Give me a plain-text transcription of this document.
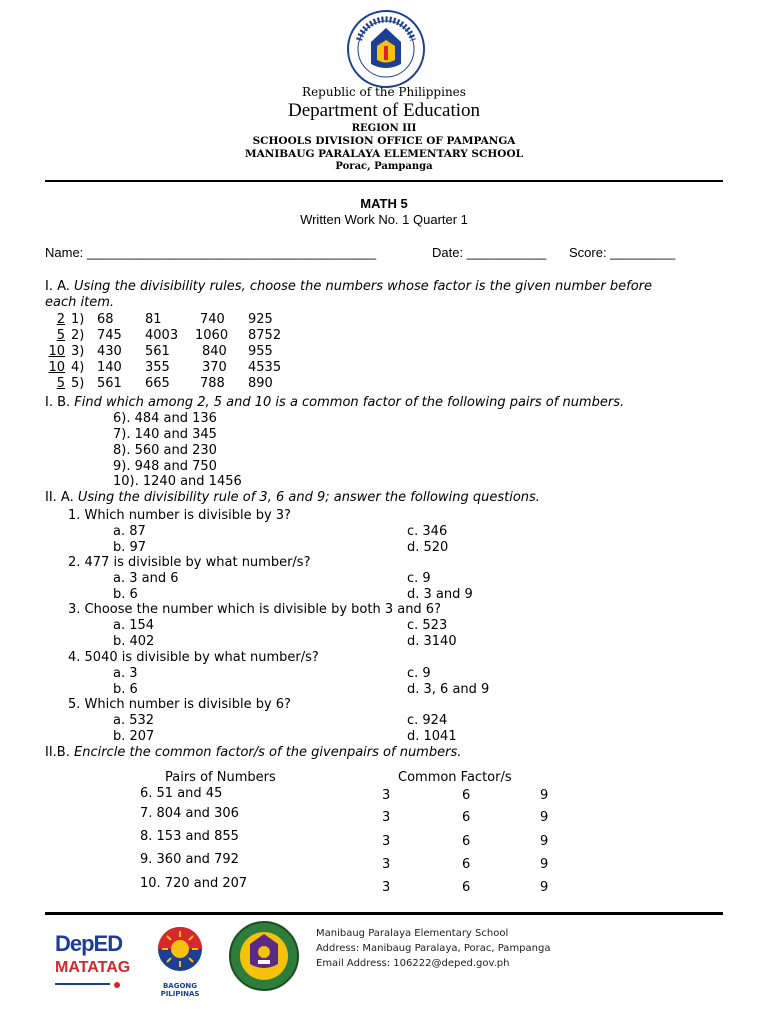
Republic of the Philippines
Department of Education
REGION III
SCHOOLS DIVISION OFFICE OF PAMPANGA
MANIBAUG PARALAYA ELEMENTARY SCHOOL
Porac, Pampanga
MATH 5
Written Work No. 1 Quarter 1
Name: ________________________________________	Date: ___________ Score: _________
I. A. Using the divisibility rules, choose the numbers whose factor is the given number before
each item.
2 1) 68 81	740 925
5 2) 745 4003 1060 8752
10 3) 430 561 840 955
10 4) 140 355 370 4535
5 5) 561 665 788 890
I. B. Find which among 2, 5 and 10 is a common factor of the following pairs of numbers.
6). 484 and 136
7). 140 and 345
8). 560 and 230
9). 948 and 750
10). 1240 and 1456
II. A. Using the divisibility rule of 3, 6 and 9; answer the following questions.
1. Which number is divisible by 3?
a. 87	c. 346
b. 97	d. 520
2. 477 is divisible by what number/s?
a. 3 and 6	c. 9
b. 6	d. 3 and 9
3. Choose the number which is divisible by both 3 and 6?
a. 154	c. 523
b. 402	d. 3140
4. 5040 is divisible by what number/s?
a. 3	c. 9
b. 6	d. 3, 6 and 9
5. Which number is divisible by 6?
a. 532	c. 924
b. 207	d. 1041
II.B. Encircle the common factor/s of the givenpairs of numbers.
Pairs of Numbers	Common Factor/s
6. 51 and 45	3	6	9
7. 804 and 306	3	6	9
8. 153 and 855	3	6	9
9. 360 and 792	3	6	9
10. 720 and 207	3	6	9
DepED
MATATAG
BAGONG PILIPINAS
Manibaug Paralaya Elementary School
Address: Manibaug Paralaya, Porac, Pampanga
Email Address: 106222@deped.gov.ph
